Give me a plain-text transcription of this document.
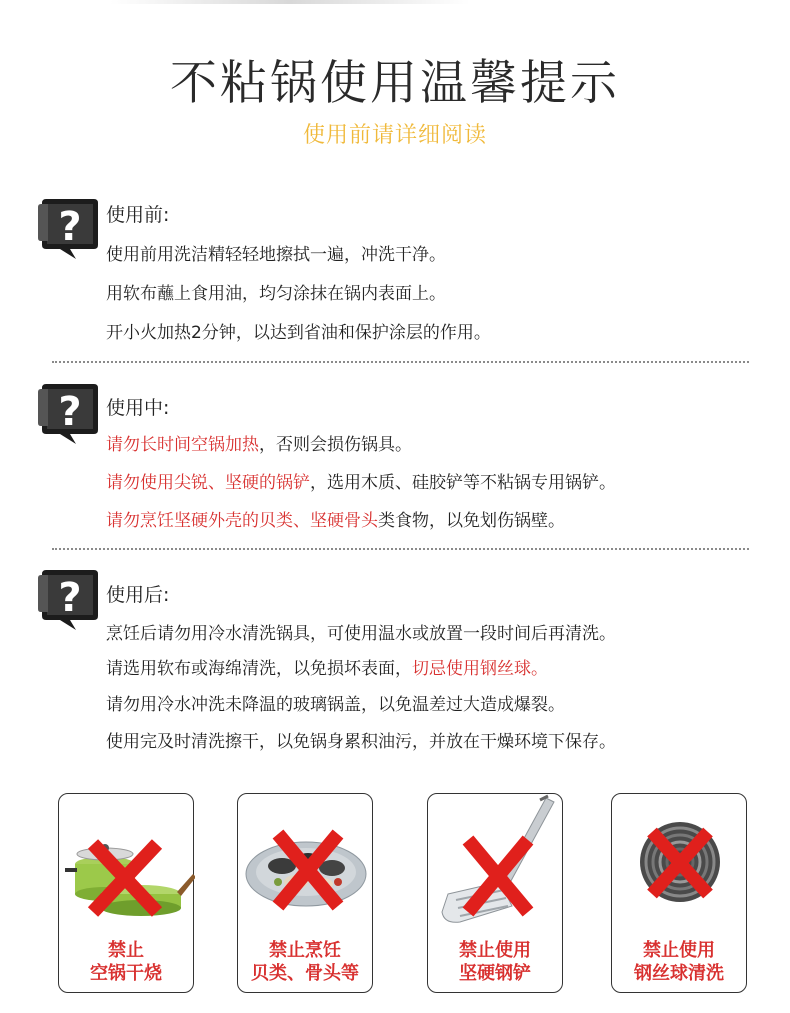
不粘锅使用温馨提示
使用前请详细阅读
使用前:
使用前用洗洁精轻轻地擦拭一遍，冲洗干净。
用软布蘸上食用油，均匀涂抹在锅内表面上。
开小火加热2分钟，以达到省油和保护涂层的作用。
使用中:
请勿长时间空锅加热，否则会损伤锅具。
请勿使用尖锐、坚硬的锅铲，选用木质、硅胶铲等不粘锅专用锅铲。
请勿烹饪坚硬外壳的贝类、坚硬骨头类食物，以免划伤锅壁。
使用后:
烹饪后请勿用冷水清洗锅具，可使用温水或放置一段时间后再清洗。
请选用软布或海绵清洗，以免损坏表面，切忌使用钢丝球。
请勿用冷水冲洗未降温的玻璃锅盖，以免温差过大造成爆裂。
使用完及时清洗擦干，以免锅身累积油污，并放在干燥环境下保存。
禁止
空锅干烧
禁止烹饪
贝类、骨头等
禁止使用
坚硬钢铲
禁止使用
钢丝球清洗
